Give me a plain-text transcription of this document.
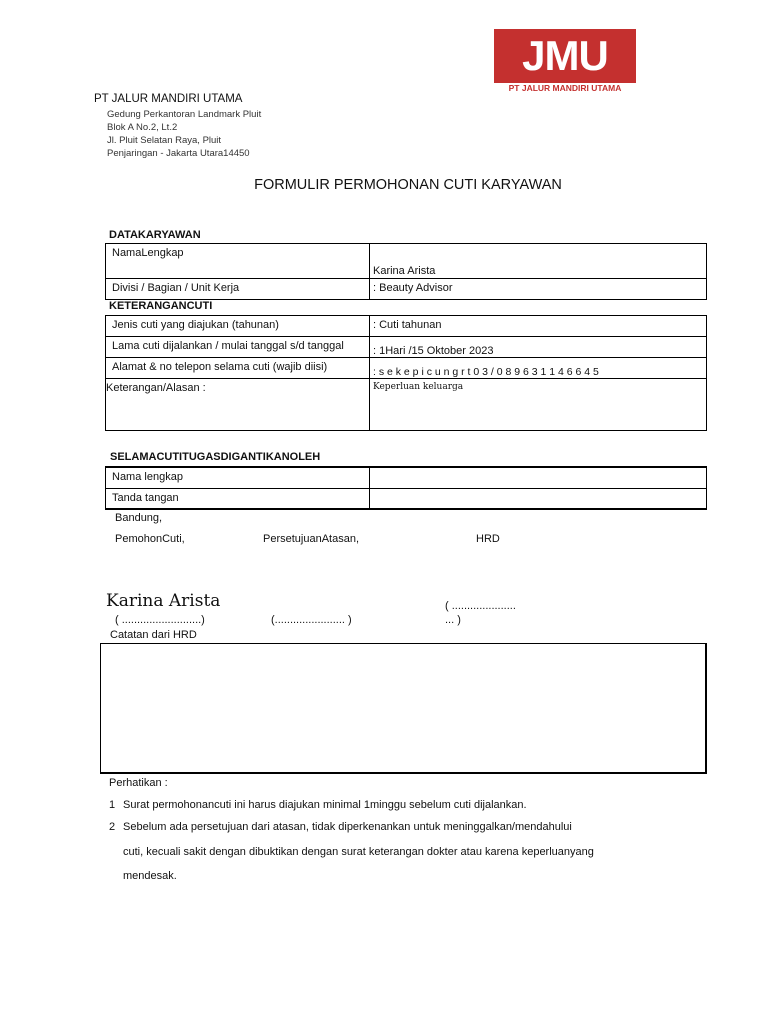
JMU
PT JALUR MANDIRI UTAMA
PT JALUR MANDIRI UTAMA
Gedung Perkantoran Landmark Pluit
Blok A No.2, Lt.2
Jl. Pluit Selatan Raya, Pluit
Penjaringan - Jakarta Utara14450
FORMULIR PERMOHONAN CUTI KARYAWAN
DATAKARYAWAN
NamaLengkap	Karina Arista
Divisi / Bagian / Unit Kerja	: Beauty Advisor
KETERANGANCUTI
Jenis cuti yang diajukan (tahunan)	: Cuti tahunan
Lama cuti dijalankan / mulai tanggal s/d tanggal	: 1Hari /15 Oktober 2023
Alamat & no telepon selama cuti (wajib diisi)	: s e k e p i c u n g r t 0 3 / 0 8 9 6 3 1 1 4 6 6 4 5
Keterangan/Alasan :	Keperluan keluarga
SELAMACUTITUGASDIGANTIKANOLEH
Nama lengkap	
Tanda tangan	
Bandung,
PemohonCuti,	PersetujuanAtasan,	HRD
Karina Arista
( ..........................)	(....................... )
( .....................
... )
Catatan dari HRD
Perhatikan :
1 Surat permohonancuti ini harus diajukan minimal 1minggu sebelum cuti dijalankan.
2 Sebelum ada persetujuan dari atasan, tidak diperkenankan untuk meninggalkan/mendahului
cuti, kecuali sakit dengan dibuktikan dengan surat keterangan dokter atau karena keperluanyang
mendesak.
